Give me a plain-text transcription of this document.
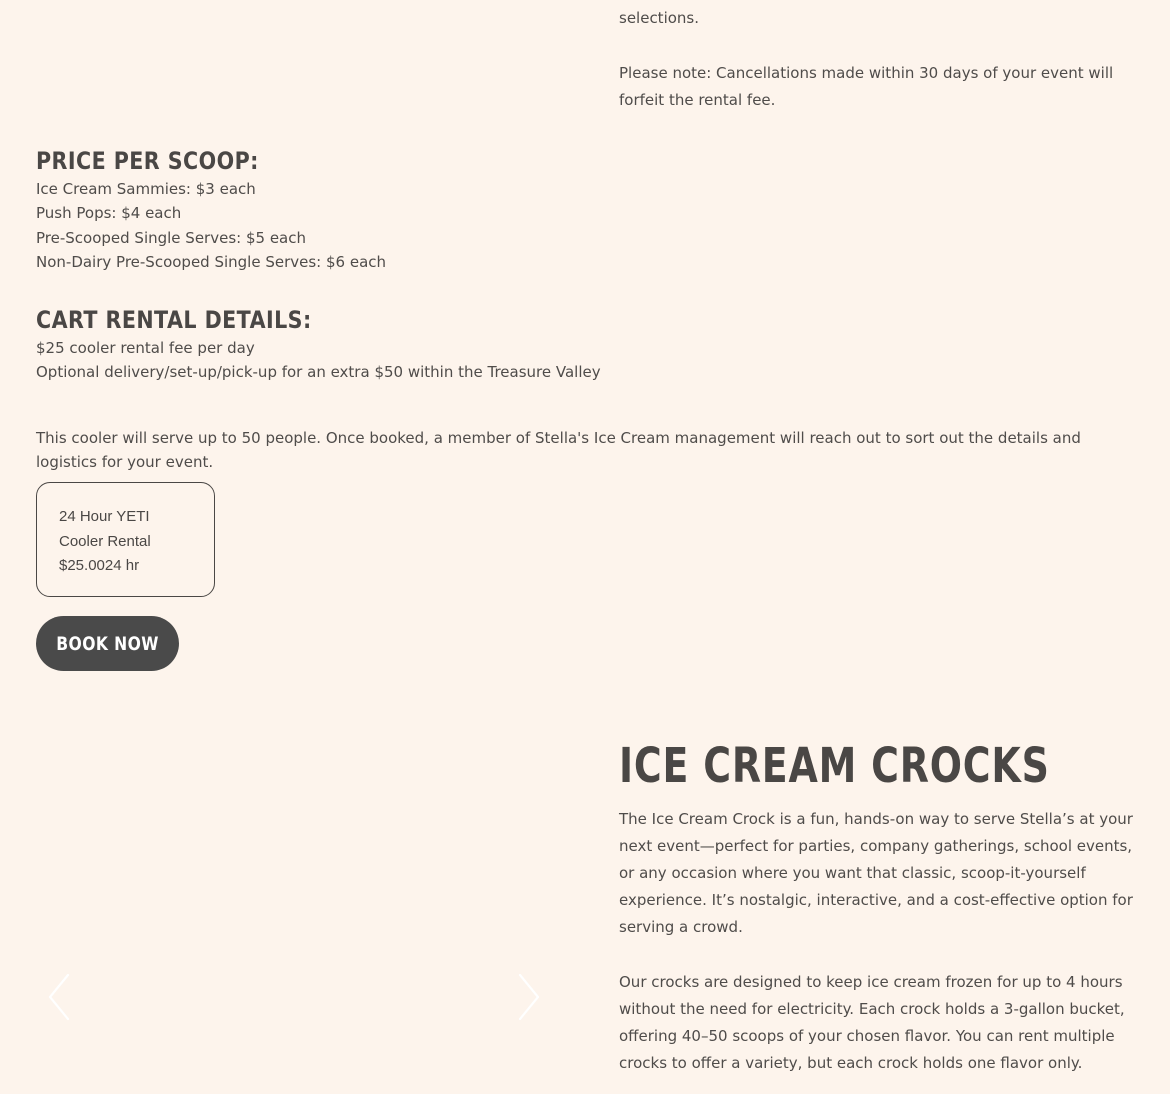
selections.

Please note: Cancellations made within 30 days of your event will forfeit the rental fee.

PRICE PER SCOOP:
Ice Cream Sammies: $3 each
Push Pops: $4 each
Pre-Scooped Single Serves: $5 each
Non-Dairy Pre-Scooped Single Serves: $6 each
CART RENTAL DETAILS:
$25 cooler rental fee per day
Optional delivery/set-up/pick-up for an extra $50 within the Treasure Valley

This cooler will serve up to 50 people. Once booked, a member of Stella's Ice Cream management will reach out to sort out the details and logistics for your event.

24 Hour YETI Cooler Rental
$25.00​24 hr
BOOK NOW
ICE CREAM CROCKS

The Ice Cream Crock is a fun, hands-on way to serve Stella’s at your next event—perfect for parties, company gatherings, school events, or any occasion where you want that classic, scoop-it-yourself experience. It’s nostalgic, interactive, and a cost-effective option for serving a crowd.

Our crocks are designed to keep ice cream frozen for up to 4 hours without the need for electricity. Each crock holds a 3-gallon bucket, offering 40–50 scoops of your chosen flavor. You can rent multiple crocks to offer a variety, but each crock holds one flavor only.
